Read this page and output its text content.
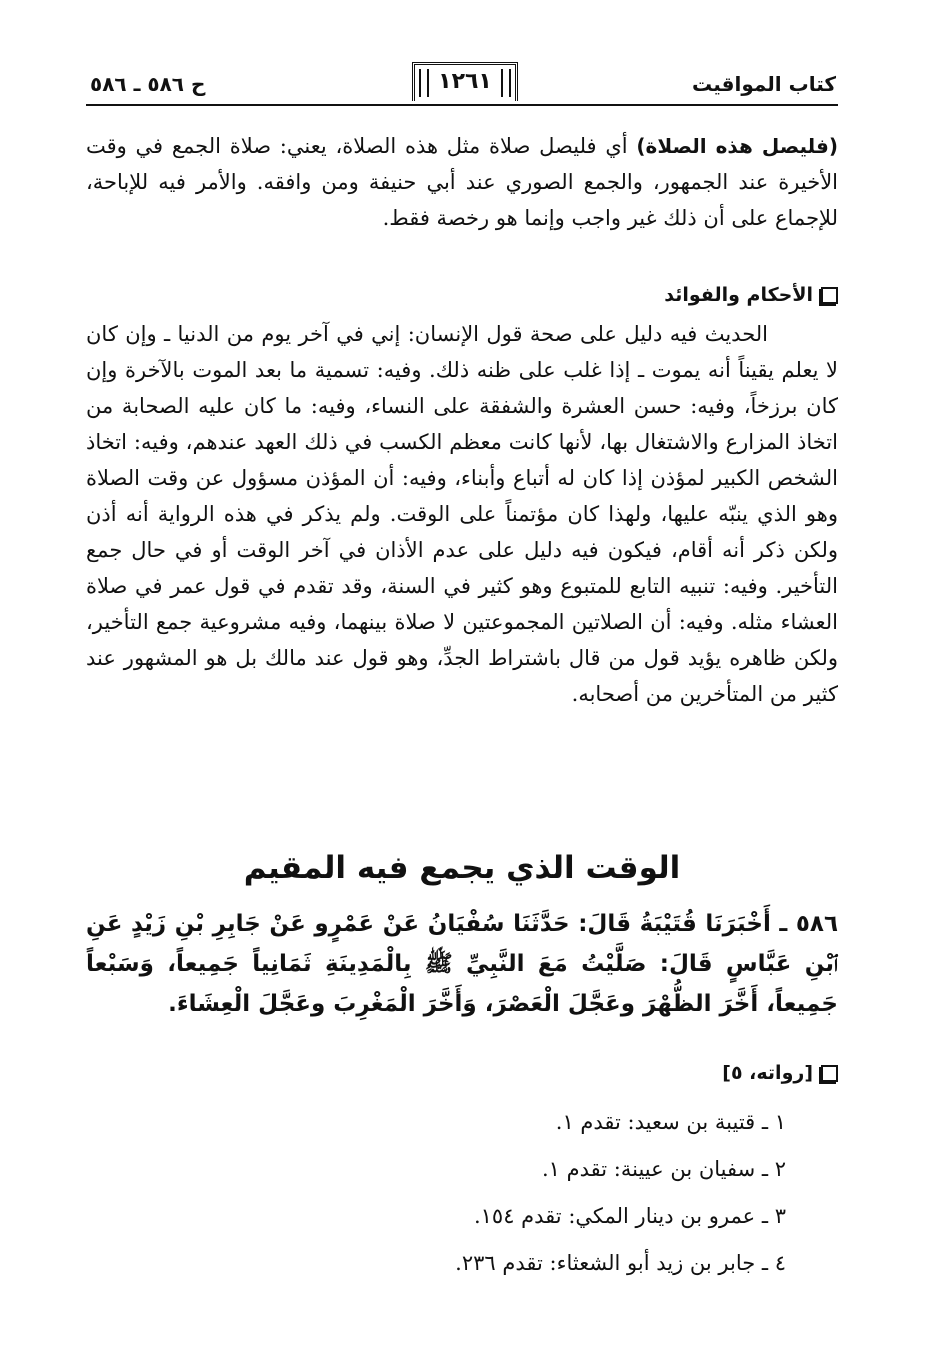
كتاب المواقيت
١٢٦١
ح ٥٨٦ ـ ٥٨٦
(فليصل هذه الصلاة) أي فليصل صلاة مثل هذه الصلاة، يعني: صلاة الجمع في وقت الأخيرة عند الجمهور، والجمع الصوري عند أبي حنيفة ومن وافقه. والأمر فيه للإباحة، للإجماع على أن ذلك غير واجب وإنما هو رخصة فقط.
الأحكام والفوائد
الحديث فيه دليل على صحة قول الإنسان: إني في آخر يوم من الدنيا ـ وإن كان لا يعلم يقيناً أنه يموت ـ إذا غلب على ظنه ذلك. وفيه: تسمية ما بعد الموت بالآخرة وإن كان برزخاً، وفيه: حسن العشرة والشفقة على النساء، وفيه: ما كان عليه الصحابة من اتخاذ المزارع والاشتغال بها، لأنها كانت معظم الكسب في ذلك العهد عندهم، وفيه: اتخاذ الشخص الكبير لمؤذن إذا كان له أتباع وأبناء، وفيه: أن المؤذن مسؤول عن وقت الصلاة وهو الذي ينبّه عليها، ولهذا كان مؤتمناً على الوقت. ولم يذكر في هذه الرواية أنه أذن ولكن ذكر أنه أقام، فيكون فيه دليل على عدم الأذان في آخر الوقت أو في حال جمع التأخير. وفيه: تنبيه التابع للمتبوع وهو كثير في السنة، وقد تقدم في قول عمر في صلاة العشاء مثله. وفيه: أن الصلاتين المجموعتين لا صلاة بينهما، وفيه مشروعية جمع التأخير، ولكن ظاهره يؤيد قول من قال باشتراط الجدِّ، وهو قول عند مالك بل هو المشهور عند كثير من المتأخرين من أصحابه.
الوقت الذي يجمع فيه المقيم
٥٨٦ ـ أَخْبَرَنَا قُتَيْبَةُ قَالَ: حَدَّثَنَا سُفْيَانُ عَنْ عَمْرٍو عَنْ جَابِرِ بْنِ زَيْدٍ عَنِ ٱبْنِ عَبَّاسٍ قَالَ: صَلَّيْتُ مَعَ النَّبِيِّ ﷺ بِالْمَدِينَةِ ثَمَانِياً جَمِيعاً، وَسَبْعاً جَمِيعاً، أَخَّرَ الظُّهْرَ وعَجَّلَ الْعَصْرَ، وَأَخَّرَ الْمَغْرِبَ وعَجَّلَ الْعِشَاءَ.
[رواته، ٥]
١ ـ قتيبة بن سعيد: تقدم ١.
٢ ـ سفيان بن عيينة: تقدم ١.
٣ ـ عمرو بن دينار المكي: تقدم ١٥٤.
٤ ـ جابر بن زيد أبو الشعثاء: تقدم ٢٣٦.
